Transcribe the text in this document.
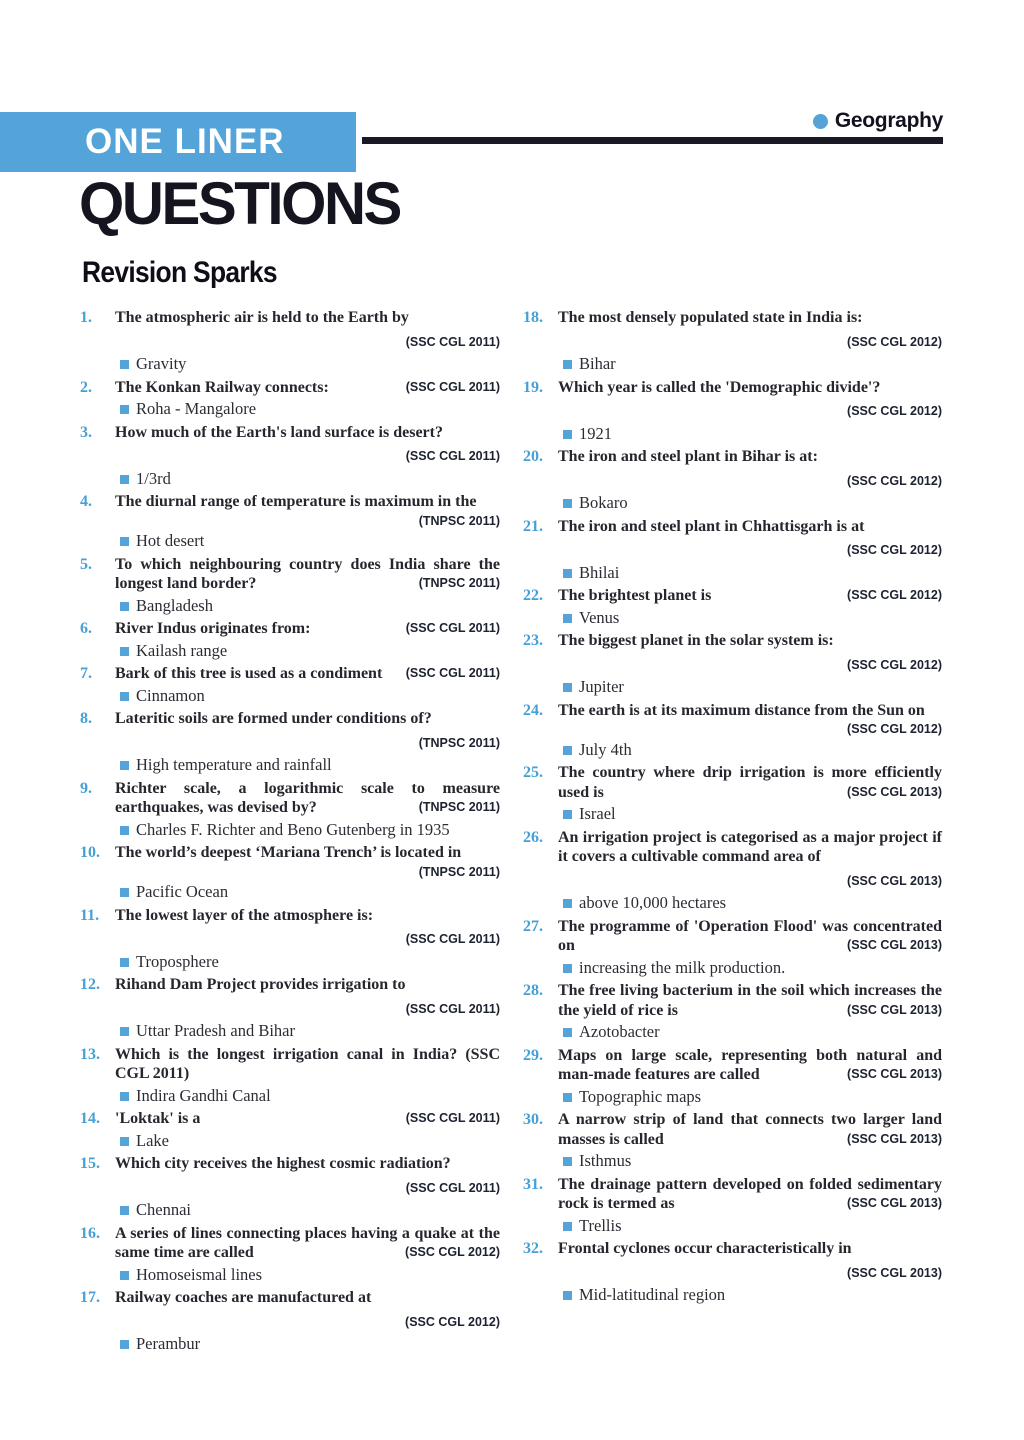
ONE LINER
Geography
QUESTIONS
Revision Sparks
1.	The atmospheric air is held to the Earth by

(SSC CGL 2011)

Gravity

2.	The Konkan Railway connects:	(SSC CGL 2011)

Roha - Mangalore

3.	How much of the Earth's land surface is desert?

(SSC CGL 2011)

1/3rd

4.	The diurnal range of temperature is maximum in the
(TNPSC 2011)

Hot desert

5.	To which neighbouring country does India share the longest land border?	(TNPSC 2011)

Bangladesh

6.	River Indus originates from:	(SSC CGL 2011)

Kailash range

7.	Bark of this tree is used as a condiment (SSC CGL 2011)

Cinnamon

8.	Lateritic soils are formed under conditions of?

(TNPSC 2011)

High temperature and rainfall

9.	Richter scale, a logarithmic scale to measure earthquakes, was devised by?	(TNPSC 2011)

Charles F. Richter and Beno Gutenberg in 1935

10. The world’s deepest ‘Mariana Trench’ is located in
(TNPSC 2011)

Pacific Ocean

11. The lowest layer of the atmosphere is:

(SSC CGL 2011)

Troposphere

12. Rihand Dam Project provides irrigation to

(SSC CGL 2011)

Uttar Pradesh and Bihar

13. Which is the longest irrigation canal in India? (SSC CGL 2011)

Indira Gandhi Canal

14. 'Loktak' is a	(SSC CGL 2011)

Lake

15. Which city receives the highest cosmic radiation?

(SSC CGL 2011)

Chennai

16. A series of lines connecting places having a quake at the same time are called	(SSC CGL 2012)

Homoseismal lines

17. Railway coaches are manufactured at

(SSC CGL 2012)

Perambur

18. The most densely populated state in India is:

(SSC CGL 2012)

Bihar

19. Which year is called the 'Demographic divide'?

(SSC CGL 2012)

1921

20. The iron and steel plant in Bihar is at:

(SSC CGL 2012)

Bokaro

21. The iron and steel plant in Chhattisgarh is at

(SSC CGL 2012)

Bhilai

22. The brightest planet is	(SSC CGL 2012)

Venus

23. The biggest planet in the solar system is:

(SSC CGL 2012)

Jupiter

24. The earth is at its maximum distance from the Sun on
(SSC CGL 2012)

July 4th

25. The country where drip irrigation is more efficiently used is	(SSC CGL 2013)

Israel

26. An irrigation project is categorised as a major project if it covers a cultivable command area of

(SSC CGL 2013)

above 10,000 hectares

27. The programme of 'Operation Flood' was concentrated on	(SSC CGL 2013)

increasing the milk production.

28. The free living bacterium in the soil which increases the the yield of rice is	(SSC CGL 2013)

Azotobacter

29. Maps on large scale, representing both natural and man-made features are called	(SSC CGL 2013)

Topographic maps

30. A narrow strip of land that connects two larger land masses is called	(SSC CGL 2013)

Isthmus

31. The drainage pattern developed on folded sedimentary rock is termed as	(SSC CGL 2013)

Trellis

32. Frontal cyclones occur characteristically in

(SSC CGL 2013)

Mid-latitudinal region
